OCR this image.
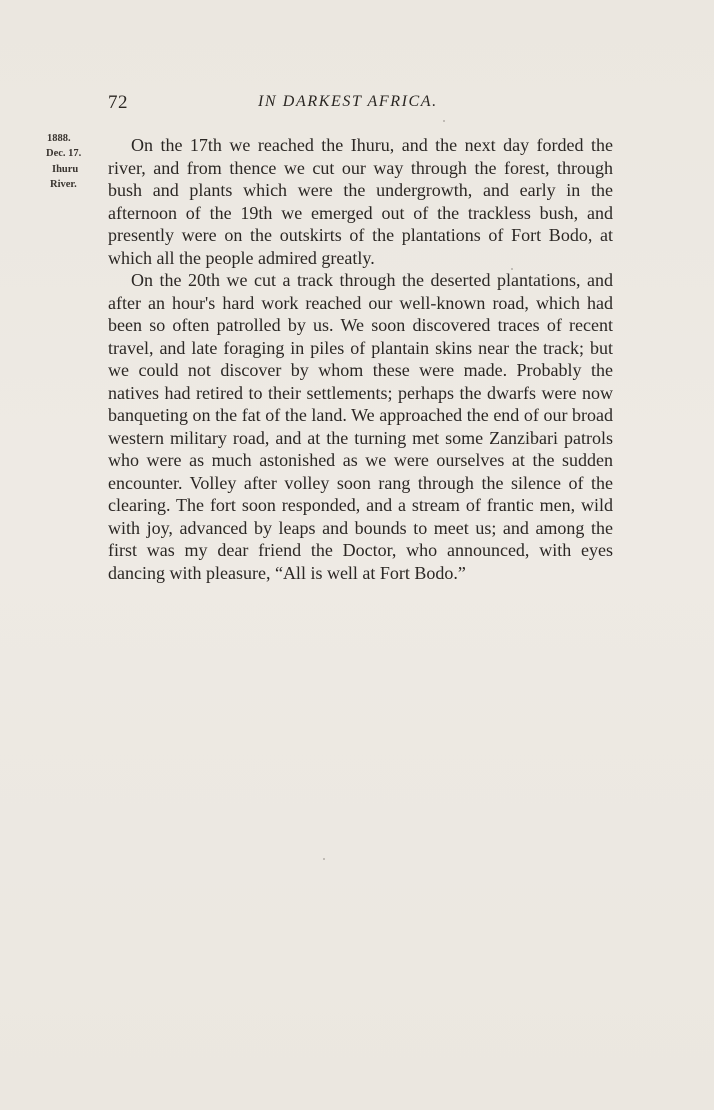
72	IN DARKEST AFRICA.
1888.
Dec. 17.
Ihuru
River.

On the 17th we reached the Ihuru, and the next day forded the river, and from thence we cut our way through the forest, through bush and plants which were the undergrowth, and early in the afternoon of the 19th we emerged out of the trackless bush, and presently were on the outskirts of the plantations of Fort Bodo, at which all the people admired greatly.

On the 20th we cut a track through the deserted plantations, and after an hour's hard work reached our well-known road, which had been so often patrolled by us. We soon discovered traces of recent travel, and late foraging in piles of plantain skins near the track; but we could not discover by whom these were made. Probably the natives had retired to their settlements; perhaps the dwarfs were now banqueting on the fat of the land. We approached the end of our broad western military road, and at the turning met some Zanzibari patrols who were as much astonished as we were ourselves at the sudden encounter. Volley after volley soon rang through the silence of the clearing. The fort soon responded, and a stream of frantic men, wild with joy, advanced by leaps and bounds to meet us; and among the first was my dear friend the Doctor, who announced, with eyes dancing with pleasure, “All is well at Fort Bodo.”
